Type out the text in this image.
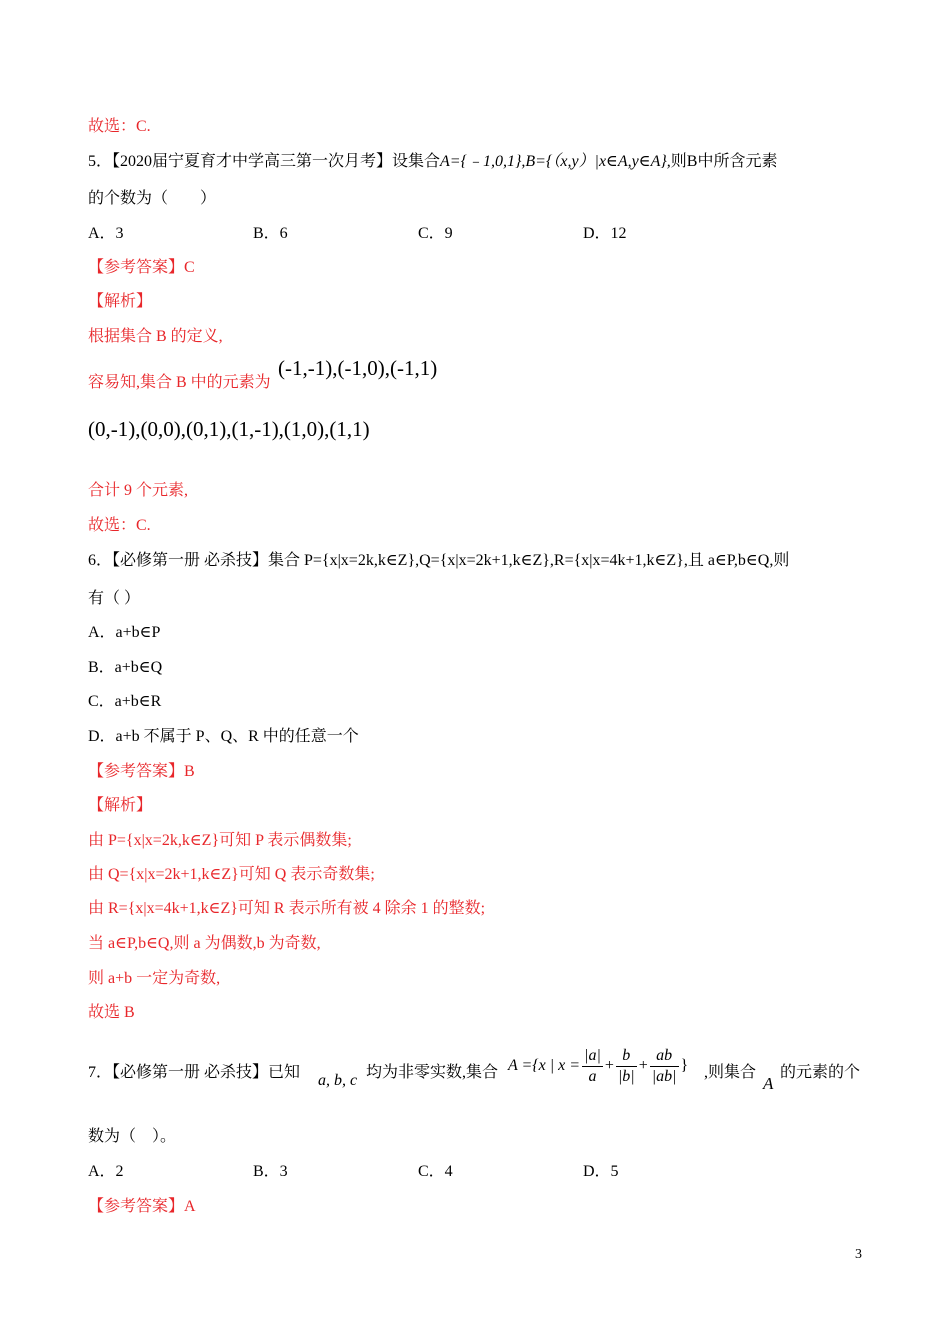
故选：C.
5．【2020届宁夏育才中学高三第一次月考】设集合A={﹣1,0,1},B={（x,y）|x∈A,y∈A},则B中所含元素
的个数为（　　）
A．3	B．6	C．9	D．12
【参考答案】C
【解析】
根据集合 B 的定义,
容易知,集合 B 中的元素为
(-1,-1),(-1,0),(-1,1)
(0,-1),(0,0),(0,1),(1,-1),(1,0),(1,1)
合计 9 个元素,
故选：C.
6．【必修第一册 必杀技】集合 P={x|x=2k,k∈Z},Q={x|x=2k+1,k∈Z},R={x|x=4k+1,k∈Z},且 a∈P,b∈Q,则
有（ ）
A．a+b∈P
B．a+b∈Q
C．a+b∈R
D．a+b 不属于 P、Q、R 中的任意一个
【参考答案】B
【解析】
由 P={x|x=2k,k∈Z}可知 P 表示偶数集;
由 Q={x|x=2k+1,k∈Z}可知 Q 表示奇数集;
由 R={x|x=4k+1,k∈Z}可知 R 表示所有被 4 除余 1 的整数;
当 a∈P,b∈Q,则 a 为偶数,b 为奇数,
则 a+b 一定为奇数,
故选 B
7．【必修第一册 必杀技】已知 a, b, c 均为非零实数,集合 A ={x | $x = \frac{|a|}{a} + \frac{b}{|b|} + \frac{ab}{|ab|}$ } ,则集合
A
的元素的个
数为（　）。
A．2	B．3	C．4	D．5
【参考答案】A
3
